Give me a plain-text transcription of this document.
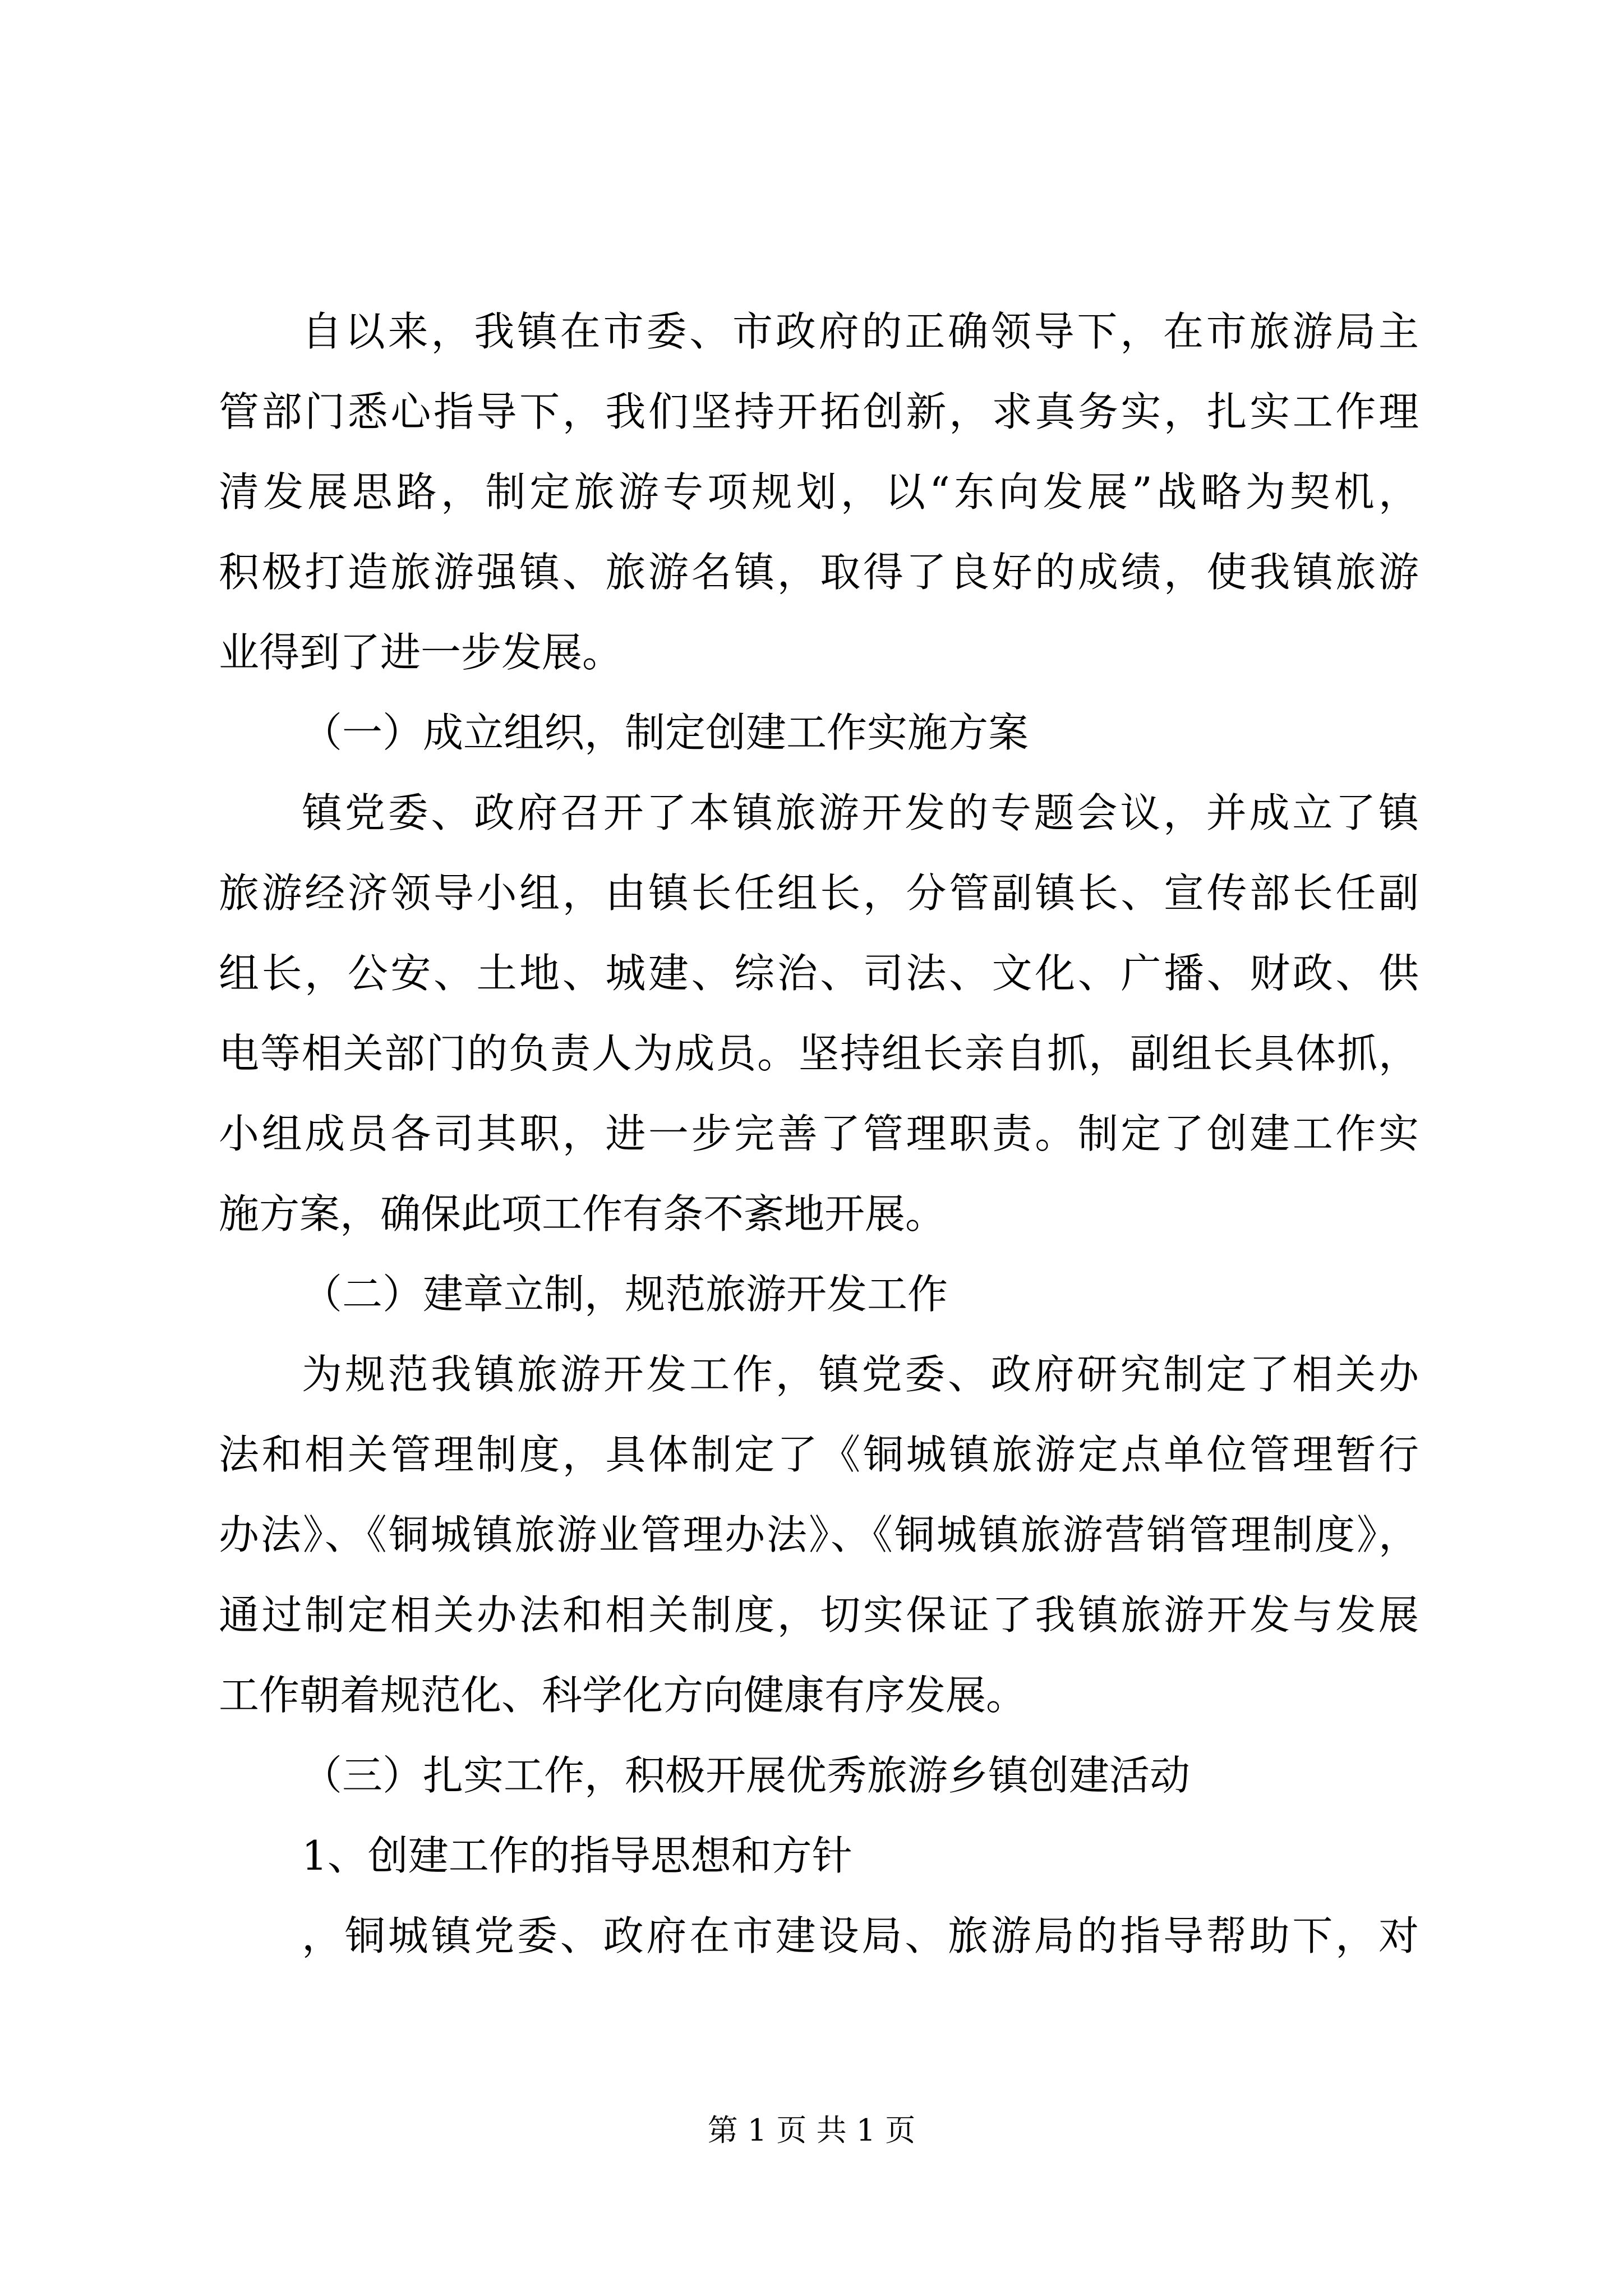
自以来，我镇在市委、市政府的正确领导下，在市旅游局主
管部门悉心指导下，我们坚持开拓创新，求真务实，扎实工作理
清发展思路，制定旅游专项规划，以“东向发展”战略为契机，
积极打造旅游强镇、旅游名镇，取得了良好的成绩，使我镇旅游
业得到了进一步发展。
（一）成立组织，制定创建工作实施方案
镇党委、政府召开了本镇旅游开发的专题会议，并成立了镇
旅游经济领导小组，由镇长任组长，分管副镇长、宣传部长任副
组长，公安、土地、城建、综治、司法、文化、广播、财政、供
电等相关部门的负责人为成员。坚持组长亲自抓，副组长具体抓，
小组成员各司其职，进一步完善了管理职责。制定了创建工作实
施方案，确保此项工作有条不紊地开展。
（二）建章立制，规范旅游开发工作
为规范我镇旅游开发工作，镇党委、政府研究制定了相关办
法和相关管理制度，具体制定了《铜城镇旅游定点单位管理暂行
办法》、《铜城镇旅游业管理办法》、《铜城镇旅游营销管理制度》，
通过制定相关办法和相关制度，切实保证了我镇旅游开发与发展
工作朝着规范化、科学化方向健康有序发展。
（三）扎实工作，积极开展优秀旅游乡镇创建活动
1、创建工作的指导思想和方针
，铜城镇党委、政府在市建设局、旅游局的指导帮助下，对
第 1 页 共 1 页
